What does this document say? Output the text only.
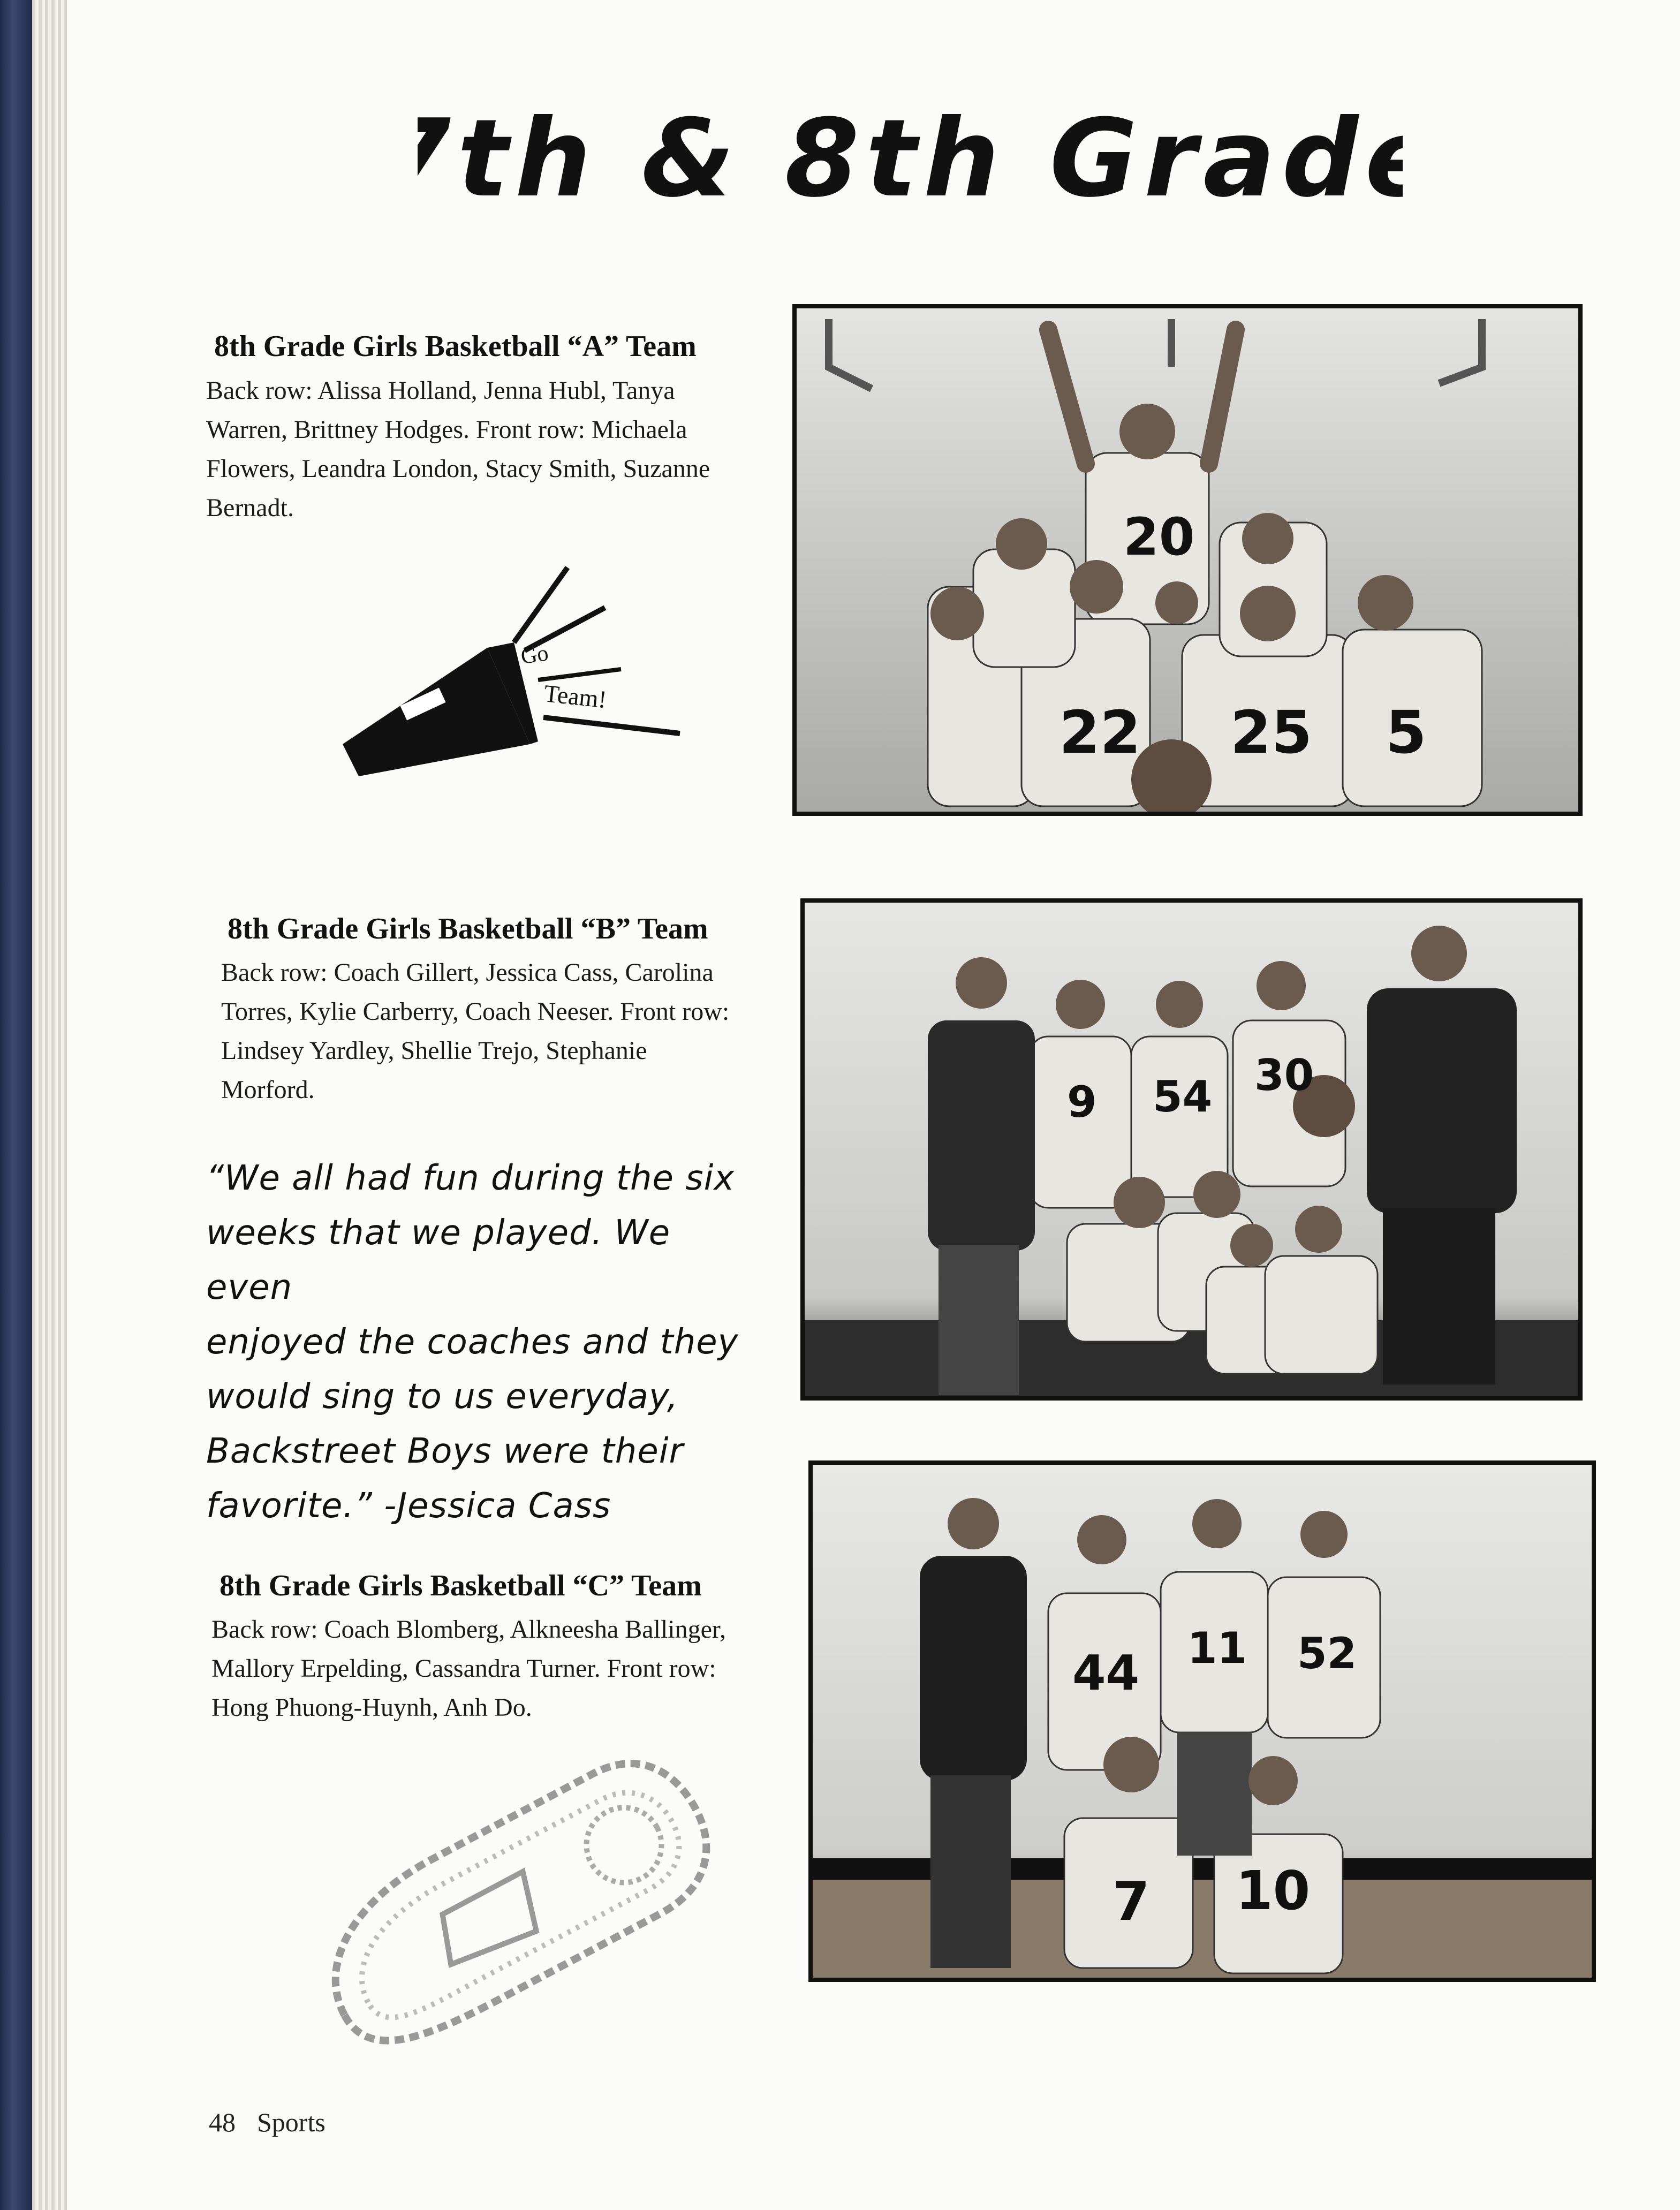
7th & 8th Grade
8th Grade Girls Basketball “A” Team
Back row: Alissa Holland, Jenna Hubl, Tanya
Warren, Brittney Hodges. Front row: Michaela
Flowers, Leandra London, Stacy Smith, Suzanne
Bernadt.
Go
Team!
20
22 25 5
8th Grade Girls Basketball “B” Team
Back row: Coach Gillert, Jessica Cass, Carolina
Torres, Kylie Carberry, Coach Neeser. Front row:
Lindsey Yardley, Shellie Trejo, Stephanie
Morford.	9 54 30
“We all had fun during the six
weeks that we played. We even
enjoyed the coaches and they
would sing to us everyday,
Backstreet Boys were their
favorite.” -Jessica Cass
8th Grade Girls Basketball “C” Team
Back row: Coach Blomberg, Alkneesha Ballinger,
Mallory Erpelding, Cassandra Turner. Front row:
Hong Phuong-Huynh, Anh Do.
44 11 52
7 10
48 Sports
